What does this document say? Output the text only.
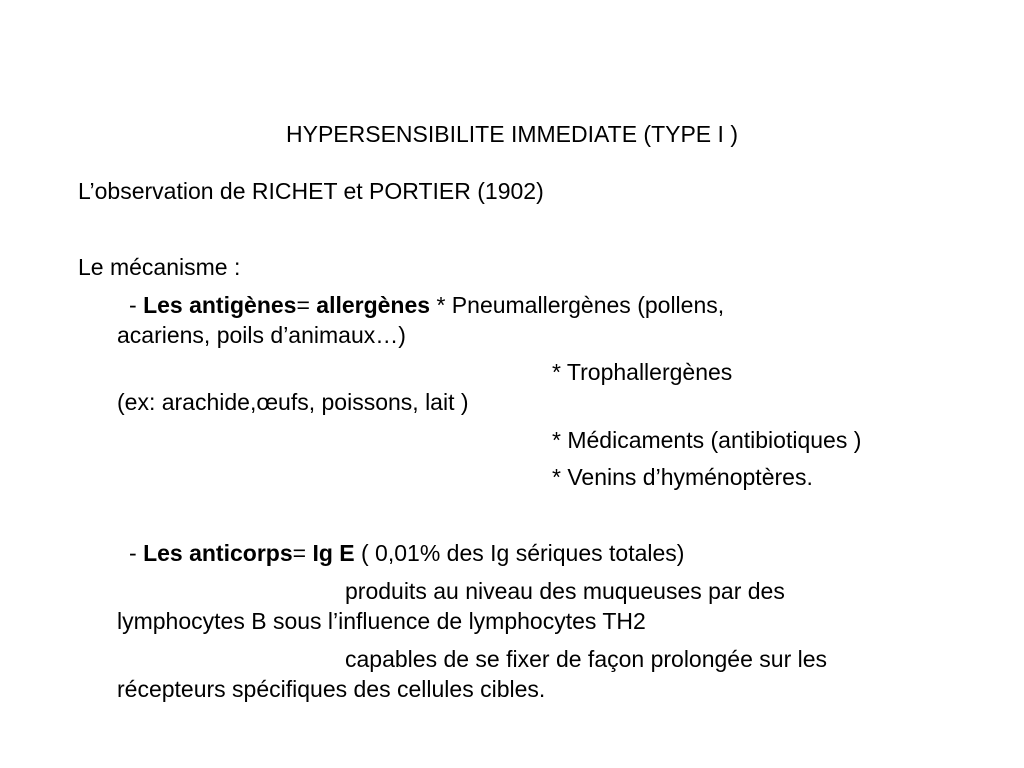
HYPERSENSIBILITE IMMEDIATE (TYPE I )
L’observation de RICHET et PORTIER (1902)
Le mécanisme :
- Les antigènes= allergènes * Pneumallergènes (pollens,
acariens, poils d’animaux…)
* Trophallergènes
(ex: arachide,œufs, poissons, lait )
* Médicaments (antibiotiques )
* Venins d’hyménoptères.
- Les anticorps= Ig E ( 0,01% des Ig sériques totales)
produits au niveau des muqueuses par des
lymphocytes B sous l’influence de lymphocytes TH2
capables de se fixer de façon prolongée sur les
récepteurs spécifiques des cellules cibles.
